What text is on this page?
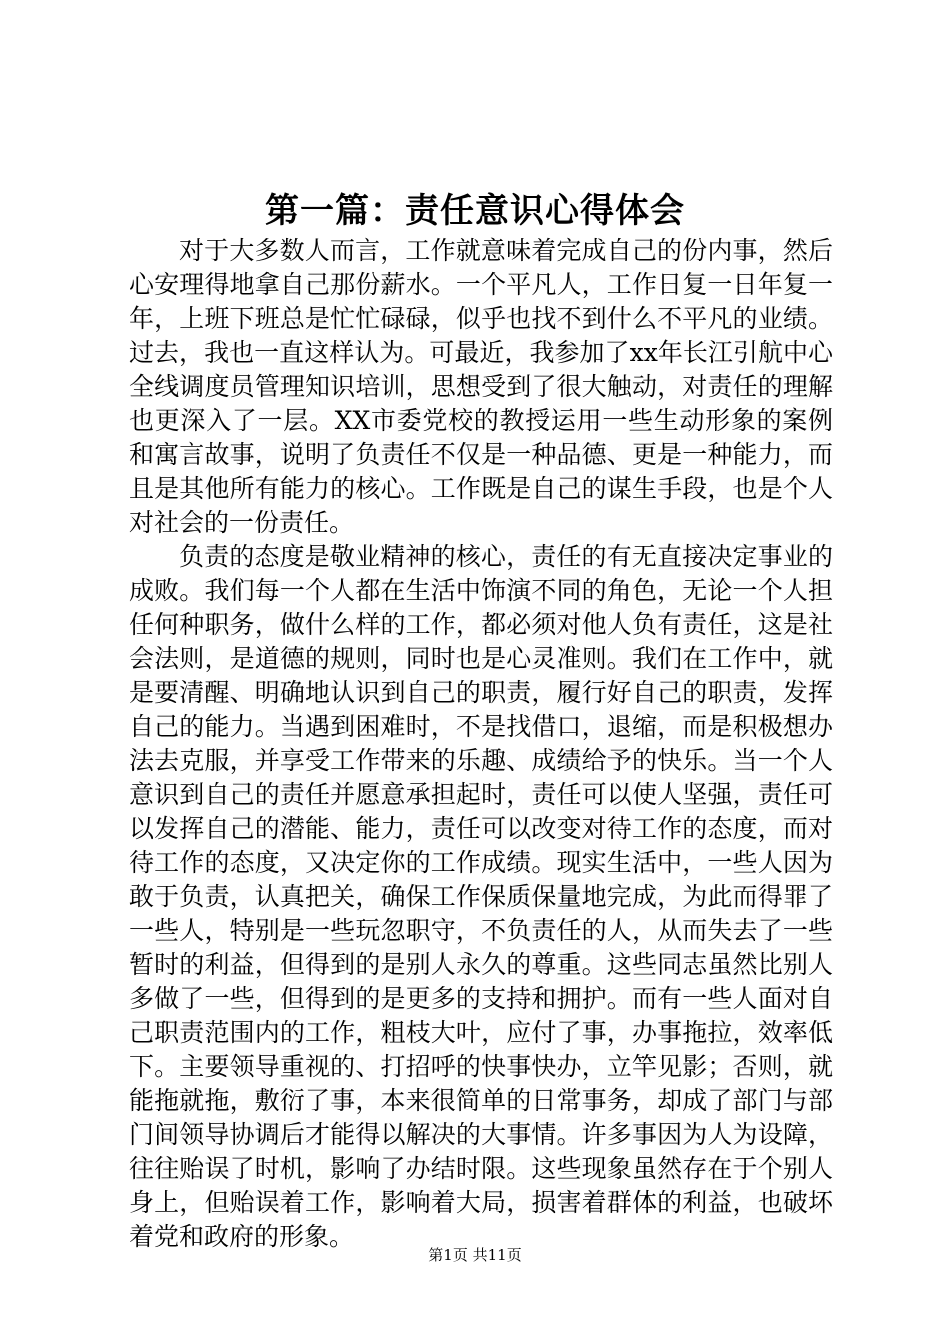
第一篇：责任意识心得体会

对于大多数人而言，工作就意味着完成自己的份内事，然后心安理得地拿自己那份薪水。一个平凡人，工作日复一日年复一年，上班下班总是忙忙碌碌，似乎也找不到什么不平凡的业绩。过去，我也一直这样认为。可最近，我参加了xx年长江引航中心全线调度员管理知识培训，思想受到了很大触动，对责任的理解也更深入了一层。XX市委党校的教授运用一些生动形象的案例和寓言故事，说明了负责任不仅是一种品德、更是一种能力，而且是其他所有能力的核心。工作既是自己的谋生手段，也是个人对社会的一份责任。

负责的态度是敬业精神的核心，责任的有无直接决定事业的成败。我们每一个人都在生活中饰演不同的角色，无论一个人担任何种职务，做什么样的工作，都必须对他人负有责任，这是社会法则，是道德的规则，同时也是心灵准则。我们在工作中，就是要清醒、明确地认识到自己的职责，履行好自己的职责，发挥自己的能力。当遇到困难时，不是找借口，退缩，而是积极想办法去克服，并享受工作带来的乐趣、成绩给予的快乐。当一个人意识到自己的责任并愿意承担起时，责任可以使人坚强，责任可以发挥自己的潜能、能力，责任可以改变对待工作的态度，而对待工作的态度，又决定你的工作成绩。现实生活中，一些人因为敢于负责，认真把关，确保工作保质保量地完成，为此而得罪了一些人，特别是一些玩忽职守，不负责任的人，从而失去了一些暂时的利益，但得到的是别人永久的尊重。这些同志虽然比别人多做了一些，但得到的是更多的支持和拥护。而有一些人面对自己职责范围内的工作，粗枝大叶，应付了事，办事拖拉，效率低下。主要领导重视的、打招呼的快事快办，立竿见影；否则，就能拖就拖，敷衍了事，本来很简单的日常事务，却成了部门与部门间领导协调后才能得以解决的大事情。许多事因为人为设障，往往贻误了时机，影响了办结时限。这些现象虽然存在于个别人身上，但贻误着工作，影响着大局，损害着群体的利益，也破坏着党和政府的形象。

第1页 共11页
